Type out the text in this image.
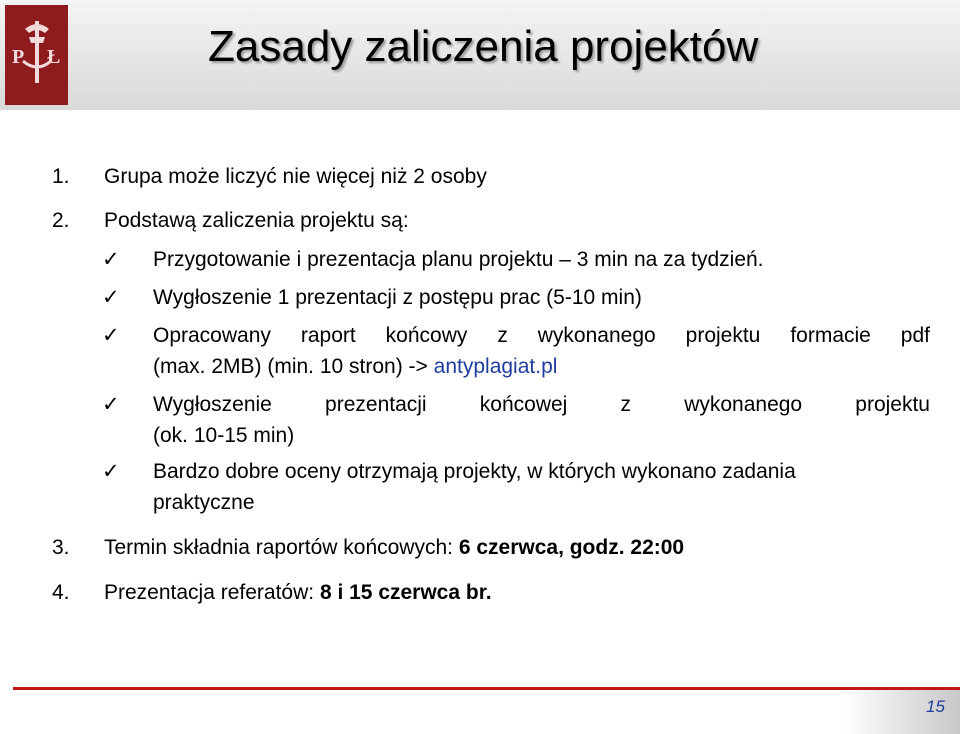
P Ł	Zasady zaliczenia projektów
1. Grupa może liczyć nie więcej niż 2 osoby
2. Podstawą zaliczenia projektu są:
✓ Przygotowanie i prezentacja planu projektu – 3 min na za tydzień.
✓ Wygłoszenie 1 prezentacji z postępu prac (5-10 min)
✓ Opracowany raport końcowy z wykonanego projektu formacie pdf
(max. 2MB) (min. 10 stron) -> antyplagiat.pl
✓ Wygłoszenie	prezentacji	końcowej	z	wykonanego	projektu
(ok. 10-15 min)
✓ Bardzo dobre oceny otrzymają projekty, w których wykonano zadania
praktyczne
3. Termin składnia raportów końcowych: 6 czerwca, godz. 22:00
4. Prezentacja referatów: 8 i 15 czerwca br.
15
